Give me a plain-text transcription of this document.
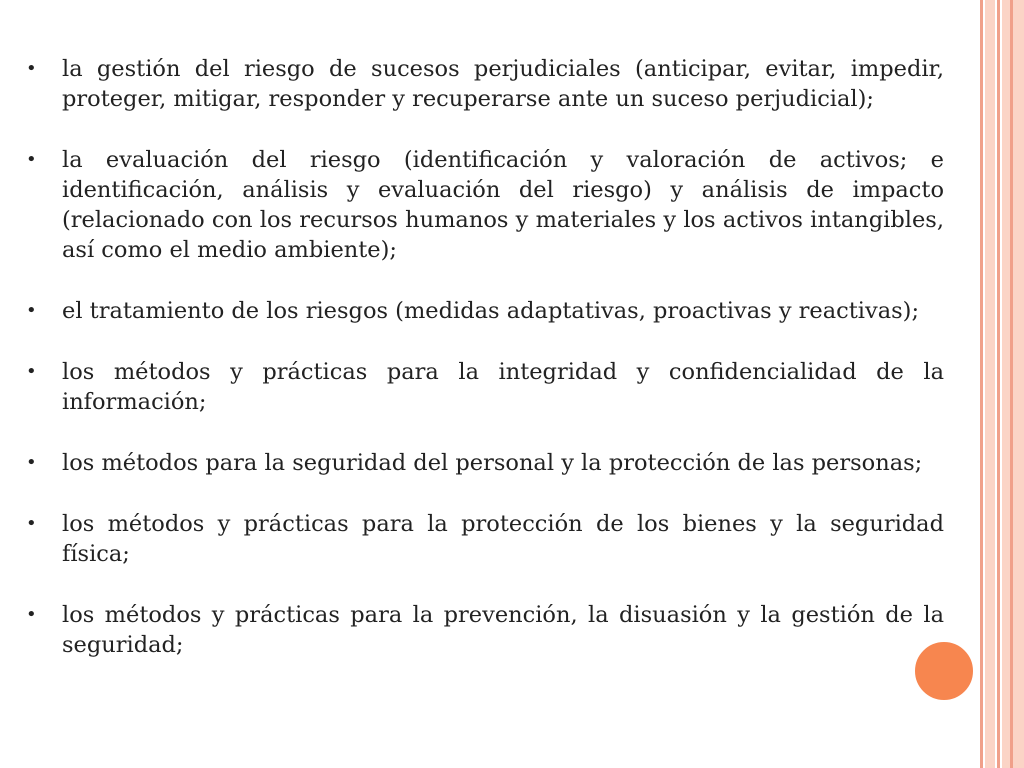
•	la gestión del riesgo de sucesos perjudiciales (anticipar, evitar, impedir, proteger, mitigar, responder y recuperarse ante un suceso perjudicial);
•	la evaluación del riesgo (identificación y valoración de activos; e identificación, análisis y evaluación del riesgo) y análisis de impacto (relacionado con los recursos humanos y materiales y los activos intangibles, así como el medio ambiente);
•	el tratamiento de los riesgos (medidas adaptativas, proactivas y reactivas);
•	los métodos y prácticas para la integridad y confidencialidad de la información;
•	los métodos para la seguridad del personal y la protección de las personas;
•	los métodos y prácticas para la protección de los bienes y la seguridad física;
•	los métodos y prácticas para la prevención, la disuasión y la gestión de la seguridad;
